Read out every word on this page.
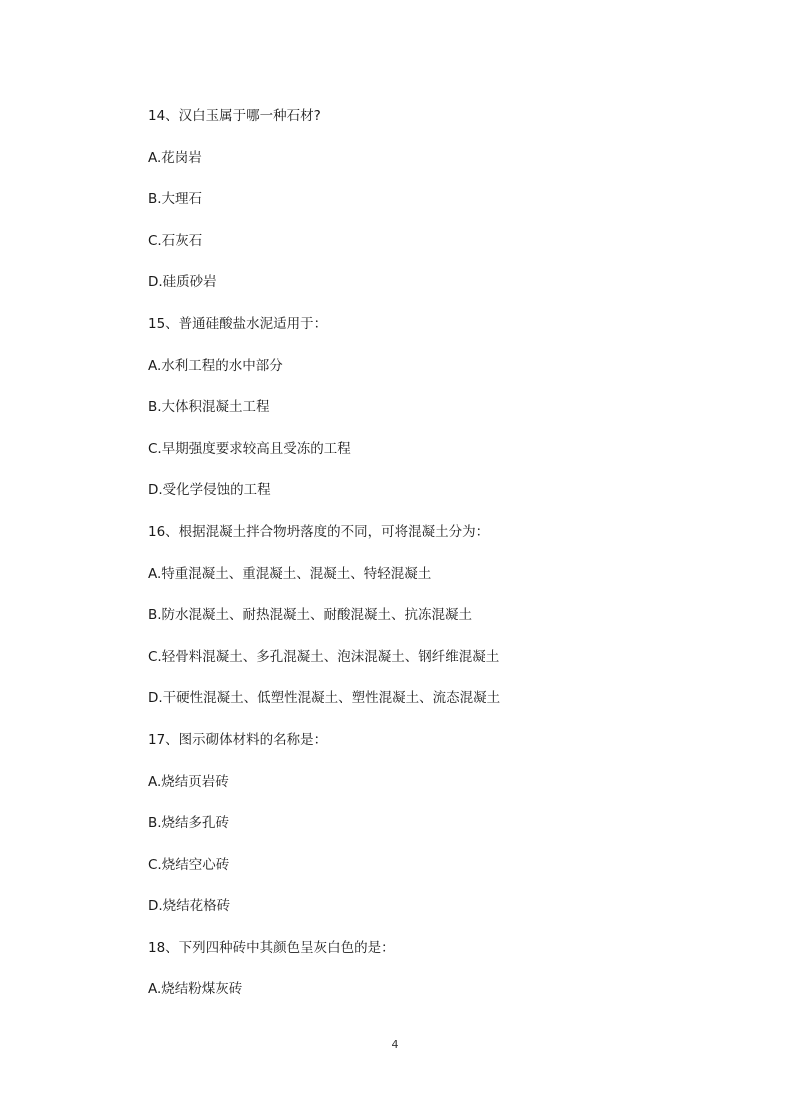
14、汉白玉属于哪一种石材?
A.花岗岩
B.大理石
C.石灰石
D.硅质砂岩
15、普通硅酸盐水泥适用于：
A.水利工程的水中部分
B.大体积混凝土工程
C.早期强度要求较高且受冻的工程
D.受化学侵蚀的工程
16、根据混凝土拌合物坍落度的不同，可将混凝土分为：
A.特重混凝土、重混凝土、混凝土、特轻混凝土
B.防水混凝土、耐热混凝土、耐酸混凝土、抗冻混凝土
C.轻骨料混凝土、多孔混凝土、泡沫混凝土、钢纤维混凝土
D.干硬性混凝土、低塑性混凝土、塑性混凝土、流态混凝土
17、图示砌体材料的名称是：
A.烧结页岩砖
B.烧结多孔砖
C.烧结空心砖
D.烧结花格砖
18、下列四种砖中其颜色呈灰白色的是：
A.烧结粉煤灰砖
4
